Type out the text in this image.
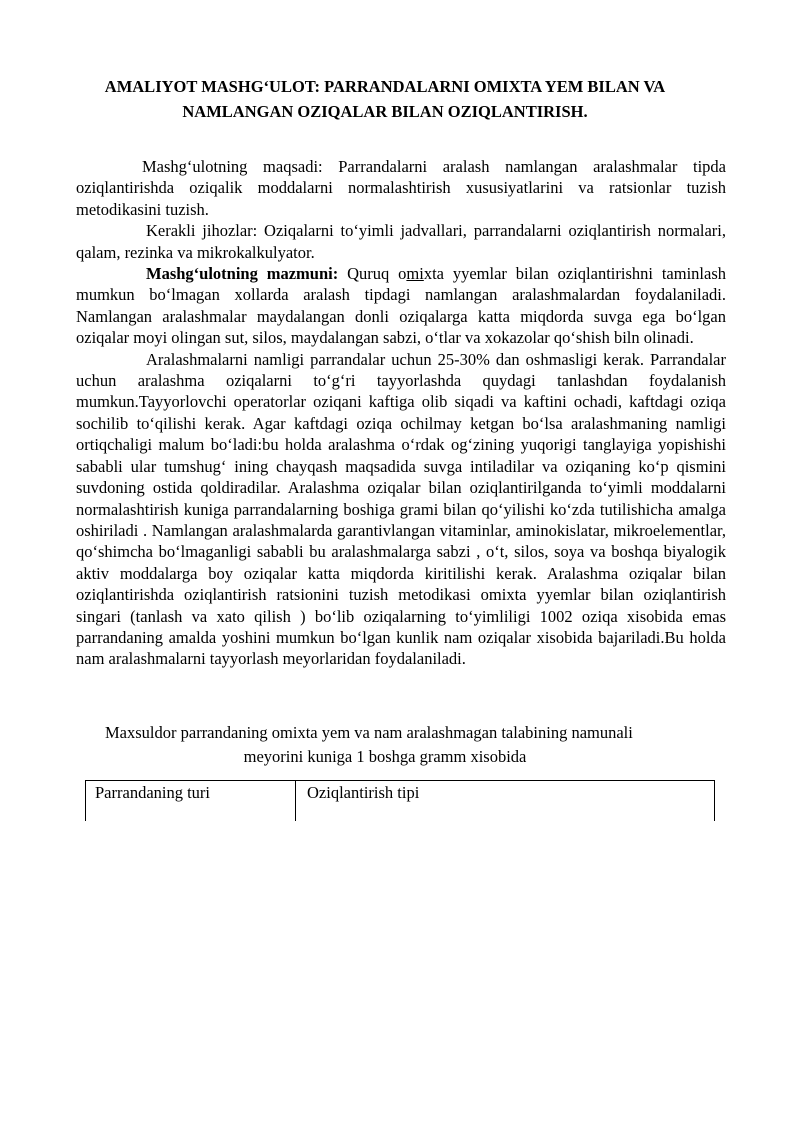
AMALIYOT MASHG‘ULOT: PARRANDALARNI OMIXTA YEM BILAN VA
NAMLANGAN OZIQALAR BILAN OZIQLANTIRISH.

Mashg‘ulotning maqsadi: Parrandalarni aralash namlangan aralashmalar tipda oziqlantirishda oziqalik moddalarni normalashtirish xususiyatlarini va ratsionlar tuzish metodikasini tuzish.

Kerakli jihozlar: Oziqalarni to‘yimli jadvallari, parrandalarni oziqlantirish normalari, qalam, rezinka va mikrokalkulyator.

Mashg‘ulotning mazmuni: Quruq omixta yyemlar bilan oziqlantirishni taminlash mumkun bo‘lmagan xollarda aralash tipdagi namlangan aralashmalardan foydalaniladi. Namlangan aralashmalar maydalangan donli oziqalarga katta miqdorda suvga ega bo‘lgan oziqalar moyi olingan sut, silos, maydalangan sabzi, o‘tlar va xokazolar qo‘shish biln olinadi.

Aralashmalarni namligi parrandalar uchun 25-30% dan oshmasligi kerak. Parrandalar uchun aralashma oziqalarni to‘g‘ri tayyorlashda quydagi tanlashdan foydalanish mumkun.Tayyorlovchi operatorlar oziqani kaftiga olib siqadi va kaftini ochadi, kaftdagi oziqa sochilib to‘qilishi kerak. Agar kaftdagi oziqa ochilmay ketgan bo‘lsa aralashmaning namligi ortiqchaligi malum bo‘ladi:bu holda aralashma o‘rdak og‘zining yuqorigi tanglayiga yopishishi sababli ular tumshug‘ ining chayqash maqsadida suvga intiladilar va oziqaning ko‘p qismini suvdoning ostida qoldiradilar. Aralashma oziqalar bilan oziqlantirilganda to‘yimli moddalarni normalashtirish kuniga parrandalarning boshiga grami bilan qo‘yilishi ko‘zda tutilishicha amalga oshiriladi . Namlangan aralashmalarda garantivlangan vitaminlar, aminokislatar, mikroelementlar, qo‘shimcha bo‘lmaganligi sababli bu aralashmalarga sabzi , o‘t, silos, soya va boshqa biyalogik aktiv moddalarga boy oziqalar katta miqdorda kiritilishi kerak. Aralashma oziqalar bilan oziqlantirishda oziqlantirish ratsionini tuzish metodikasi omixta yyemlar bilan oziqlantirish singari (tanlash va xato qilish ) bo‘lib oziqalarning to‘yimliligi 1002 oziqa xisobida emas parrandaning amalda yoshini mumkun bo‘lgan kunlik nam oziqalar xisobida bajariladi.Bu holda nam aralashmalarni tayyorlash meyorlaridan foydalaniladi.

Maxsuldor parrandaning omixta yem va nam aralashmagan talabining namunali
meyorini kuniga 1 boshga gramm xisobida
Parrandaning turi	Oziqlantirish tipi
